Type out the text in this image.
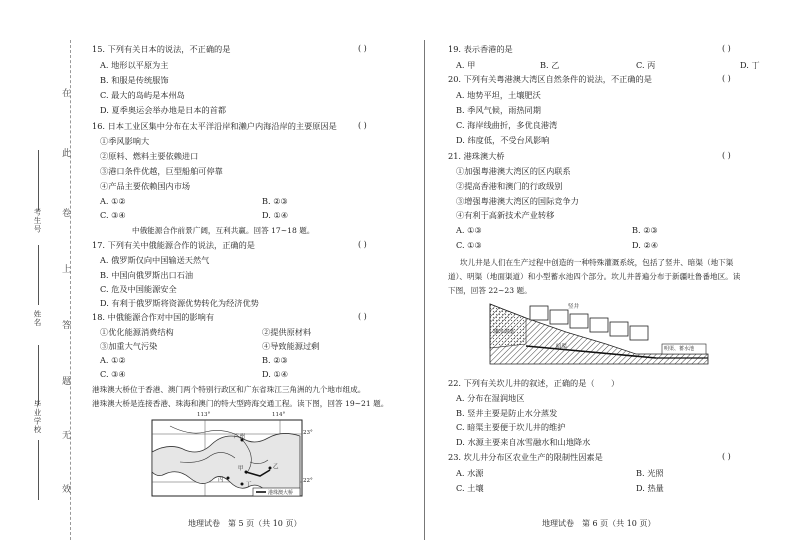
考生号
姓名
毕业学校
在
此
卷
上
答
题
无
效
15. 下列有关日本的说法，不正确的是	( )
A. 地形以平原为主
B. 和服是传统服饰
C. 最大的岛屿是本州岛
D. 夏季奥运会举办地是日本的首都
16. 日本工业区集中分布在太平洋沿岸和濑户内海沿岸的主要原因是	( )
①季风影响大
②原料、燃料主要依赖进口
③港口条件优越，巨型船舶可停靠
④产品主要依赖国内市场
A. ①②	B. ②③
C. ③④	D. ①④
中俄能源合作前景广阔，互利共赢。回答 17~18 题。
17. 下列有关中俄能源合作的说法，正确的是	( )
A. 俄罗斯仅向中国输送天然气
B. 中国向俄罗斯出口石油
C. 危及中国能源安全
D. 有利于俄罗斯将资源优势转化为经济优势
18. 中俄能源合作对中国的影响有	( )
①优化能源消费结构	②提供原材料
③加重大气污染	④导致能源过剩
A. ①②	B. ②③
C. ③④	D. ①④
港珠澳大桥位于香港、澳门两个特别行政区和广东省珠江三角洲的九个地市组成。
港珠澳大桥是连接香港、珠海和澳门的特大型跨海交通工程。读下图，回答 19~21 题。
113°	114°
23°
22°
广州
甲	乙
丙
丁
港珠澳大桥
地理试卷　第 5 页（共 10 页）
19. 表示香港的是	( )
A. 甲	B. 乙	C. 丙	D. 丁
20. 下列有关粤港澳大湾区自然条件的说法，不正确的是	( )
A. 地势平坦，土壤肥沃
B. 季风气候，雨热同期
C. 海岸线曲折，多优良港湾
D. 纬度低，不受台风影响
21. 港珠澳大桥	( )
①加强粤港澳大湾区的区内联系
②提高香港和澳门的行政级别
③增强粤港澳大湾区的国际竞争力
④有利于高新技术产业转移
A. ①③	B. ②③
C. ①③	D. ②④
坎儿井是人们在生产过程中创造的一种特殊灌溉系统，包括了竖井、暗渠（地下渠
道）、明渠（地面渠道）和小型蓄水池四个部分。坎儿井普遍分布于新疆吐鲁番地区。读
下图，回答 22~23 题。
竖井
融水渗透
暗渠	明渠、蓄水池
22. 下列有关坎儿井的叙述，正确的是（　　）
A. 分布在湿润地区
B. 竖井主要是防止水分蒸发
C. 暗渠主要便于坎儿井的维护
D. 水源主要来自冰雪融水和山地降水
23. 坎儿井分布区农业生产的限制性因素是	( )
A. 水源	B. 光照
C. 土壤	D. 热量
地理试卷　第 6 页（共 10 页）
